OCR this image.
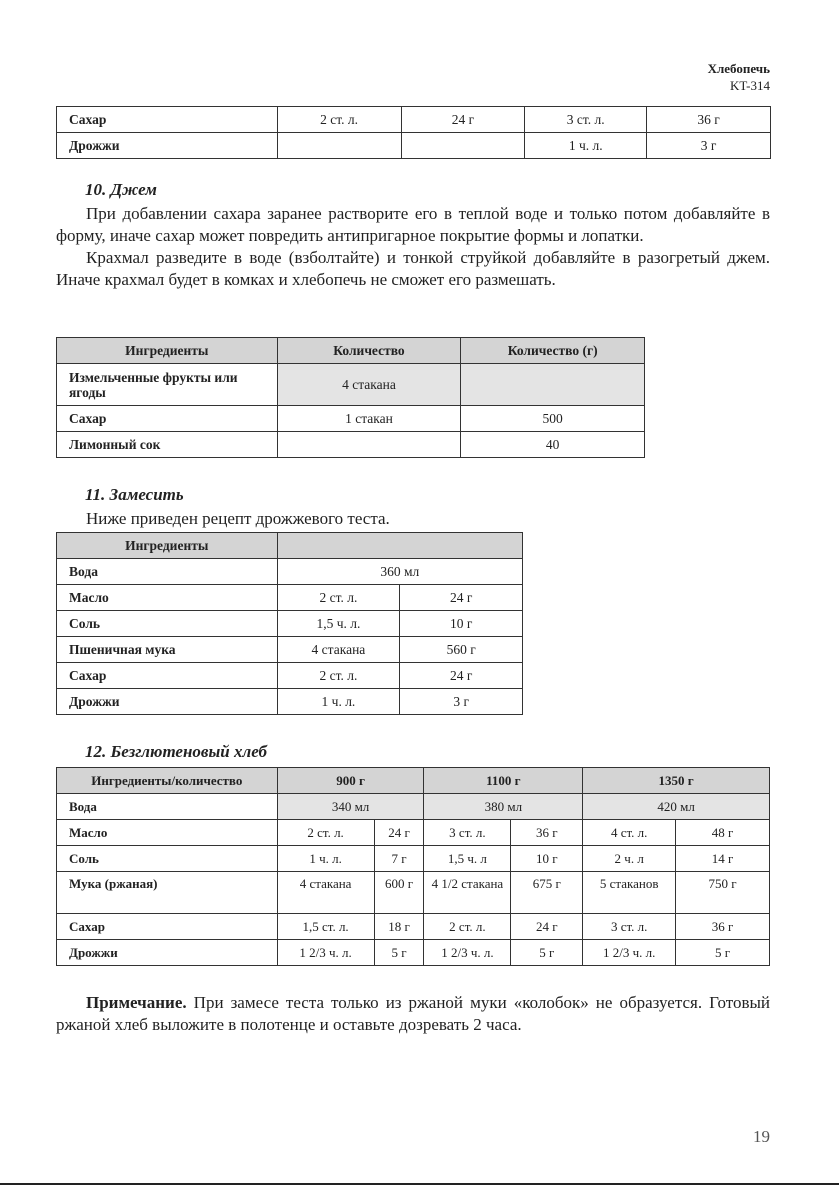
Хлебопечь
KT-314
Сахар	2 ст. л.	24 г	3 ст. л.	36 г
Дрожжи			1 ч. л.	3 г
10. Джем

При добавлении сахара заранее растворите его в теплой воде и только потом добавляйте в форму, иначе сахар может повредить антипригарное покрытие формы и лопатки.

Крахмал разведите в воде (взболтайте) и тонкой струйкой добавляйте в разогретый джем. Иначе крахмал будет в комках и хлебопечь не сможет его размешать.

Ингредиенты	Количество	Количество (г)
Измельченные фрукты или ягоды	4 стакана	
Сахар	1 стакан	500
Лимонный сок		40
11. Замесить

Ниже приведен рецепт дрожжевого теста.

Ингредиенты		
Вода	360 мл	
Масло	2 ст. л.	24 г
Соль	1,5 ч. л.	10 г
Пшеничная мука	4 стакана	560 г
Сахар	2 ст. л.	24 г
Дрожжи	1 ч. л.	3 г
12. Безглютеновый хлеб
Ингредиенты/количество	900 г		1100 г		1350 г	
Вода	340 мл		380 мл		420 мл	
Масло	2 ст. л.	24 г	3 ст. л.	36 г	4 ст. л.	48 г
Соль	1 ч. л.	7 г	1,5 ч. л	10 г	2 ч. л	14 г
Мука (ржаная)	4 стакана	600 г	4 1/2 стакана	675 г	5 стаканов	750 г
Сахар	1,5 ст. л.	18 г	2 ст. л.	24 г	3 ст. л.	36 г
Дрожжи	1 2/3 ч. л.	5 г	1 2/3 ч. л.	5 г	1 2/3 ч. л.	5 г

Примечание. При замесе теста только из ржаной муки «колобок» не образуется. Готовый ржаной хлеб выложите в полотенце и оставьте дозревать 2 часа.

19
